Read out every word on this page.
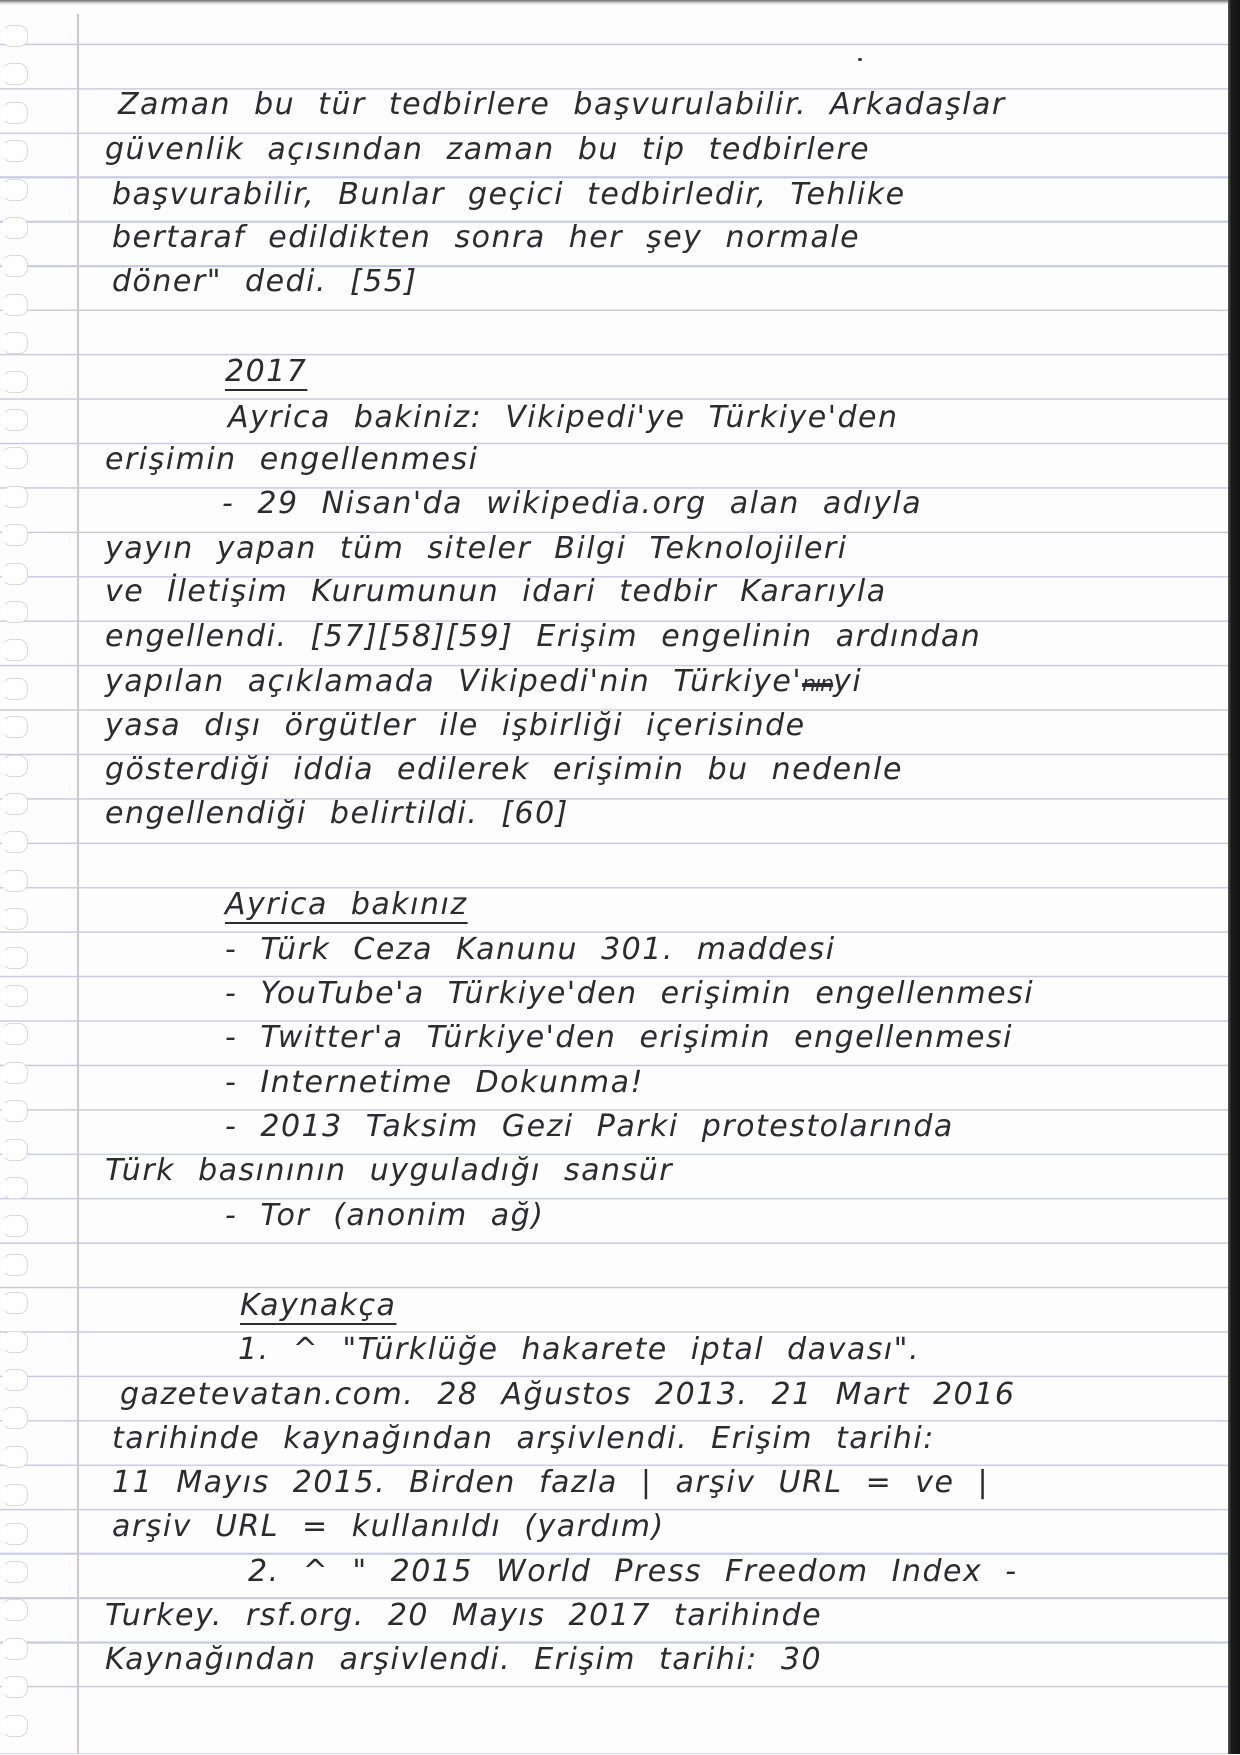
Zaman bu tür tedbirlere başvurulabilir. Arkadaşlar
güvenlik açısından zaman bu tip tedbirlere
başvurabilir, Bunlar geçici tedbirledir, Tehlike
bertaraf edildikten sonra her şey normale
döner" dedi. [55]
2017
Ayrica bakiniz: Vikipedi'ye Türkiye'den
erişimin engellenmesi
- 29 Nisan'da wikipedia.org alan adıyla
yayın yapan tüm siteler Bilgi Teknolojileri
ve İletişim Kurumunun idari tedbir Kararıyla
engellendi. [57][58][59] Erişim engelinin ardından
yapılan açıklamada Vikipedi'nin Türkiye'nınyi
yasa dışı örgütler ile işbirliği içerisinde
gösterdiği iddia edilerek erişimin bu nedenle
engellendiği belirtildi. [60]
Ayrica bakınız
- Türk Ceza Kanunu 301. maddesi
- YouTube'a Türkiye'den erişimin engellenmesi
- Twitter'a Türkiye'den erişimin engellenmesi
- Internetime Dokunma!
- 2013 Taksim Gezi Parki protestolarında
Türk basınının uyguladığı sansür
- Tor (anonim ağ)
Kaynakça
1. ^ "Türklüğe hakarete iptal davası".
gazetevatan.com. 28 Ağustos 2013. 21 Mart 2016
tarihinde kaynağından arşivlendi. Erişim tarihi:
11 Mayıs 2015. Birden fazla | arşiv URL = ve |
arşiv URL = kullanıldı (yardım)
2. ^ " 2015 World Press Freedom Index -
Turkey. rsf.org. 20 Mayıs 2017 tarihinde
Kaynağından arşivlendi. Erişim tarihi: 30
